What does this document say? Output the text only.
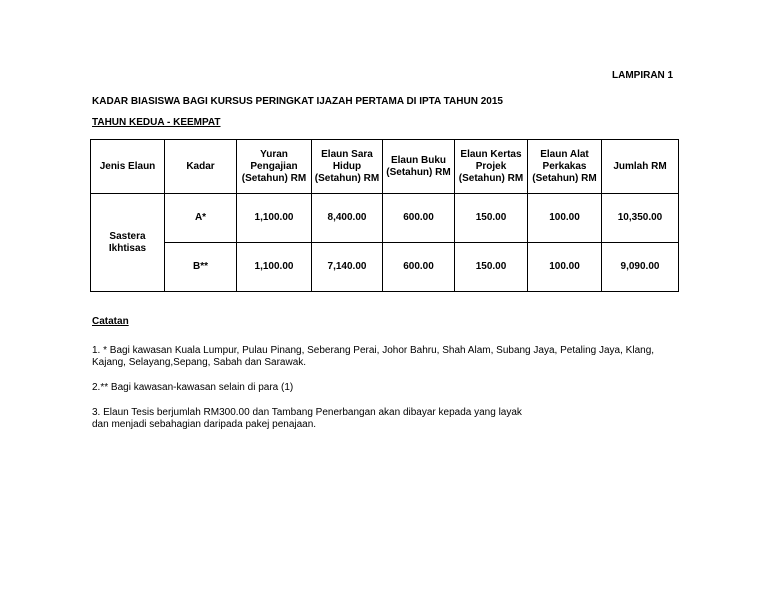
LAMPIRAN 1
KADAR BIASISWA BAGI KURSUS PERINGKAT IJAZAH PERTAMA DI IPTA TAHUN 2015
TAHUN KEDUA - KEEMPAT
Jenis Elaun	Kadar	Yuran Pengajian (Setahun) RM	Elaun Sara Hidup (Setahun) RM	Elaun Buku (Setahun) RM	Elaun Kertas Projek (Setahun) RM	Elaun Alat Perkakas (Setahun) RM	Jumlah RM
Sastera Ikhtisas	A*	1,100.00	8,400.00	600.00	150.00	100.00	10,350.00
	B**	1,100.00	7,140.00	600.00	150.00	100.00	9,090.00
Catatan
1. * Bagi kawasan Kuala Lumpur, Pulau Pinang, Seberang Perai, Johor Bahru, Shah Alam, Subang Jaya, Petaling Jaya, Klang, Kajang, Selayang,Sepang, Sabah dan Sarawak.
2.** Bagi kawasan-kawasan selain di para (1)
3. Elaun Tesis berjumlah RM300.00 dan Tambang Penerbangan akan dibayar kepada yang layak
dan menjadi sebahagian daripada pakej penajaan.
